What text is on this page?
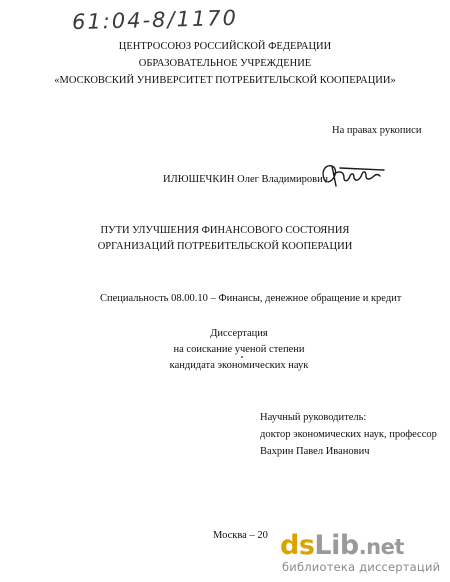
61:04-8/1170
ЦЕНТРОСОЮЗ РОССИЙСКОЙ ФЕДЕРАЦИИ
ОБРАЗОВАТЕЛЬНОЕ УЧРЕЖДЕНИЕ
«МОСКОВСКИЙ УНИВЕРСИТЕТ ПОТРЕБИТЕЛЬСКОЙ КООПЕРАЦИИ»
На правах рукописи
ИЛЮШЕЧКИН Олег Владимирович
ПУТИ УЛУЧШЕНИЯ ФИНАНСОВОГО СОСТОЯНИЯ
ОРГАНИЗАЦИЙ ПОТРЕБИТЕЛЬСКОЙ КООПЕРАЦИИ
Специальность 08.00.10 – Финансы, денежное обращение и кредит
Диссертация
на соискание ученой степени
кандидата экономических наук
Научный руководитель:
доктор экономических наук, профессор
Вахрин Павел Иванович
Москва – 20 dsLib.net
библиотека диссертаций
